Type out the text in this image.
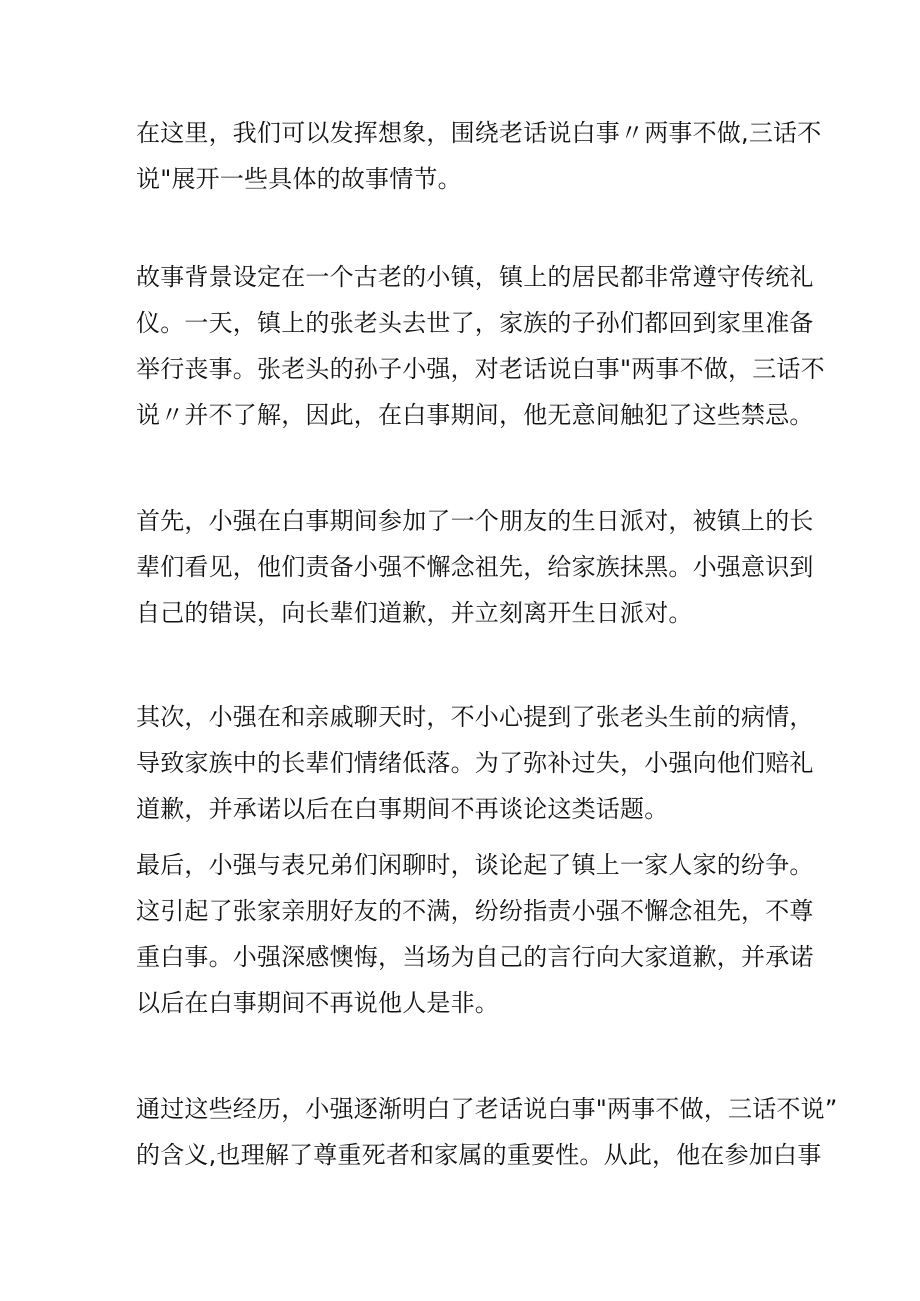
在这里，我们可以发挥想象，围绕老话说白事〃两事不做,三话不
说"展开一些具体的故事情节。
故事背景设定在一个古老的小镇，镇上的居民都非常遵守传统礼
仪。一天，镇上的张老头去世了，家族的子孙们都回到家里准备
举行丧事。张老头的孙子小强，对老话说白事"两事不做，三话不
说〃并不了解，因此，在白事期间，他无意间触犯了这些禁忌。
首先，小强在白事期间参加了一个朋友的生日派对，被镇上的长
辈们看见，他们责备小强不懈念祖先，给家族抹黑。小强意识到
自己的错误，向长辈们道歉，并立刻离开生日派对。
其次，小强在和亲戚聊天时，不小心提到了张老头生前的病情，
导致家族中的长辈们情绪低落。为了弥补过失，小强向他们赔礼
道歉，并承诺以后在白事期间不再谈论这类话题。
最后，小强与表兄弟们闲聊时，谈论起了镇上一家人家的纷争。
这引起了张家亲朋好友的不满，纷纷指责小强不懈念祖先，不尊
重白事。小强深感懊悔，当场为自己的言行向大家道歉，并承诺
以后在白事期间不再说他人是非。
通过这些经历，小强逐渐明白了老话说白事"两事不做，三话不说”
的含义,也理解了尊重死者和家属的重要性。从此，他在参加白事
